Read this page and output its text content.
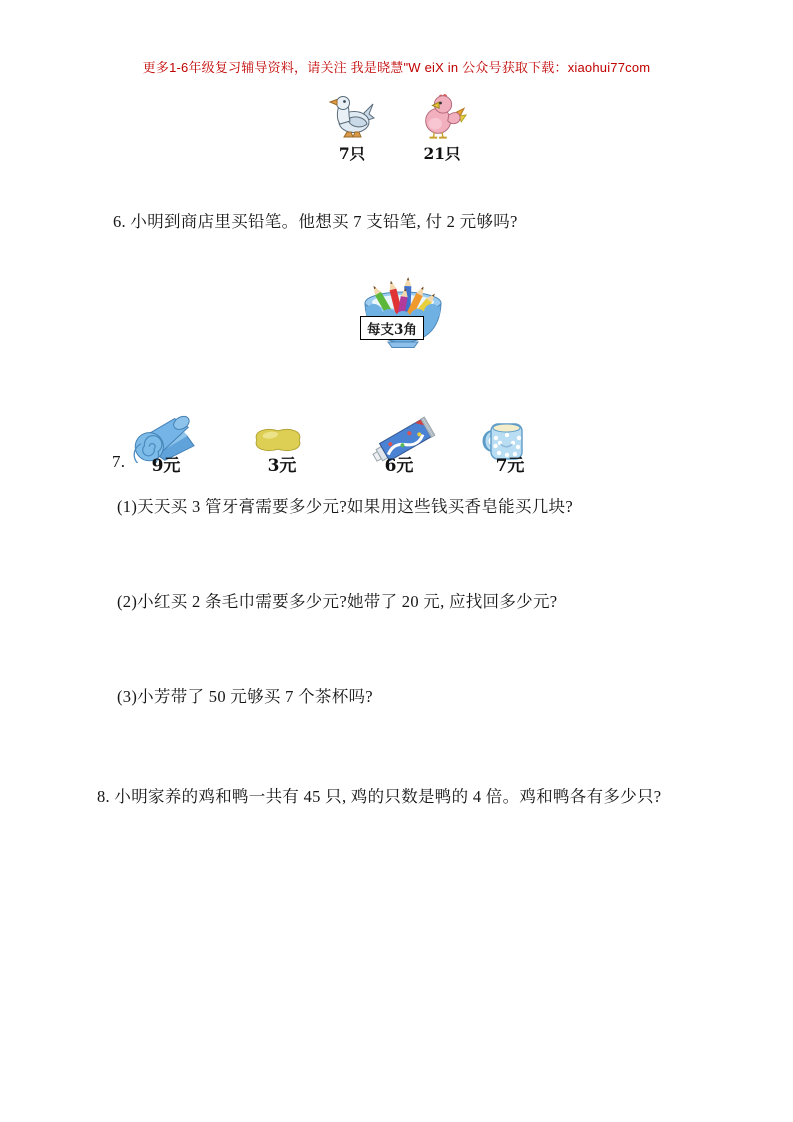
更多1-6年级复习辅导资料，请关注 我是晓慧"W eiX in 公众号获取下载：xiaohui77com
7只	21只
6. 小明到商店里买铅笔。他想买 7 支铅笔, 付 2 元够吗?
每支3角
7. 9元	3元	6元	7元
(1)天天买 3 管牙膏需要多少元?如果用这些钱买香皂能买几块?
(2)小红买 2 条毛巾需要多少元?她带了 20 元, 应找回多少元?
(3)小芳带了 50 元够买 7 个茶杯吗?
8. 小明家养的鸡和鸭一共有 45 只, 鸡的只数是鸭的 4 倍。鸡和鸭各有多少只?
